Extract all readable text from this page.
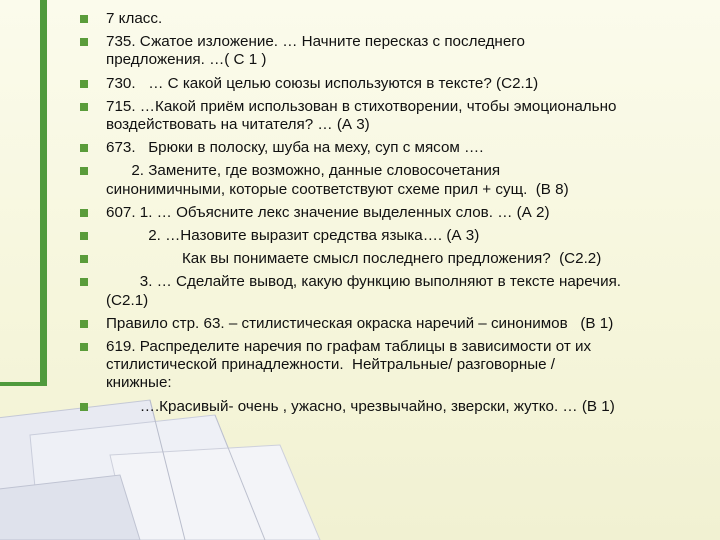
7 класс.
735. Сжатое изложение. … Начните пересказ с последнего
предложения. …( С 1 )
730.   … С какой целью союзы используются в тексте? (С2.1)
715. …Какой приём использован в стихотворении, чтобы эмоционально
воздействовать на читателя? … (А 3)
673.   Брюки в полоску, шуба на меху, суп с мясом ….
2. Замените, где возможно, данные словосочетания
синонимичными, которые соответствуют схеме прил + сущ.  (В 8)
607. 1. … Объясните лекс значение выделенных слов. … (А 2)
2. …Назовите выразит средства языка…. (А 3)
Как вы понимаете смысл последнего предложения?  (С2.2)
3. … Сделайте вывод, какую функцию выполняют в тексте наречия.
(С2.1)
Правило стр. 63. – стилистическая окраска наречий – синонимов   (В 1)
619. Распределите наречия по графам таблицы в зависимости от их
стилистической принадлежности.  Нейтральные/ разговорные /
книжные:
….Красивый- очень , ужасно, чрезвычайно, зверски, жутко. … (В 1)
